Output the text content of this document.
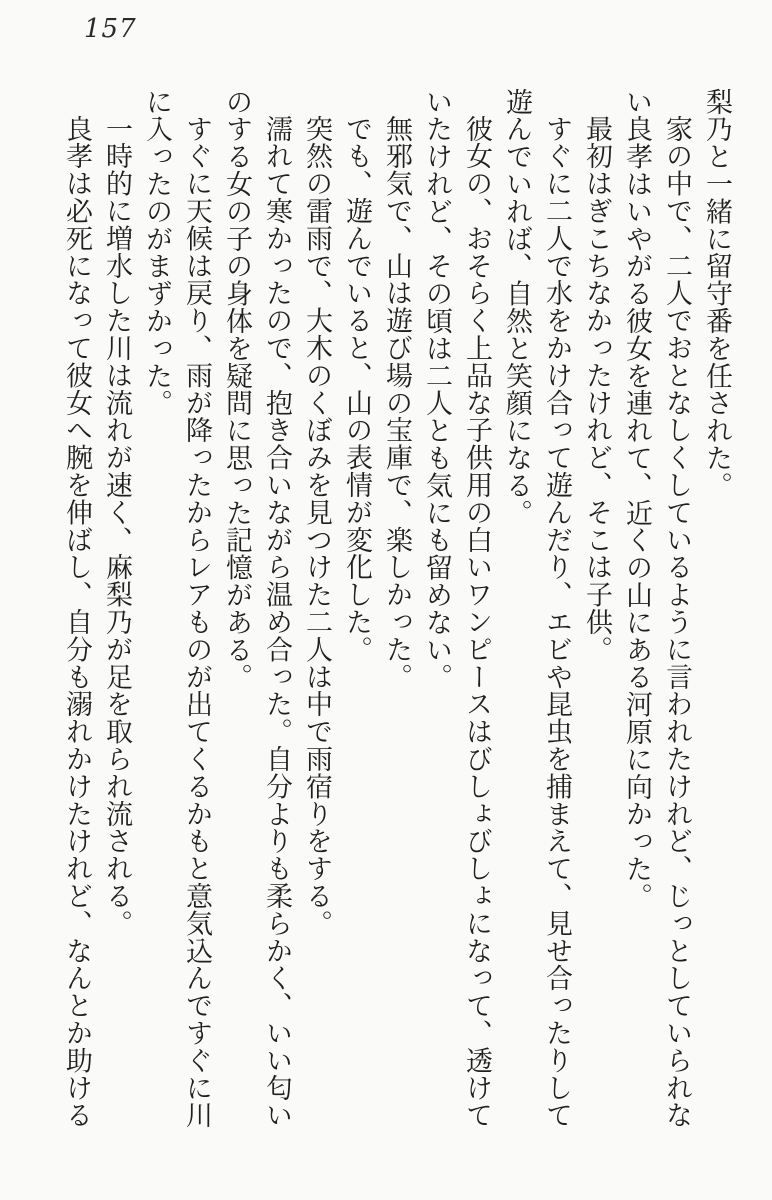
157

梨乃と一緒に留守番を任された。

家の中で、二人でおとなしくしているように言われたけれど、じっとしていられない良孝はいやがる彼女を連れて、近くの山にある河原に向かった。

最初はぎこちなかったけれど、そこは子供。

すぐに二人で水をかけ合って遊んだり、エビや昆虫を捕まえて、見せ合ったりして遊んでいれば、自然と笑顔になる。

彼女の、おそらく上品な子供用の白いワンピースはびしょびしょになって、透けていたけれど、その頃は二人とも気にも留めない。

無邪気で、山は遊び場の宝庫で、楽しかった。

でも、遊んでいると、山の表情が変化した。

突然の雷雨で、大木のくぼみを見つけた二人は中で雨宿りをする。

濡れて寒かったので、抱き合いながら温め合った。自分よりも柔らかく、いい匂いのする女の子の身体を疑問に思った記憶がある。

すぐに天候は戻り、雨が降ったからレアものが出てくるかもと意気込んですぐに川に入ったのがまずかった。

一時的に増水した川は流れが速く、麻梨乃が足を取られ流される。

良孝は必死になって彼女へ腕を伸ばし、自分も溺れかけたけれど、なんとか助ける
